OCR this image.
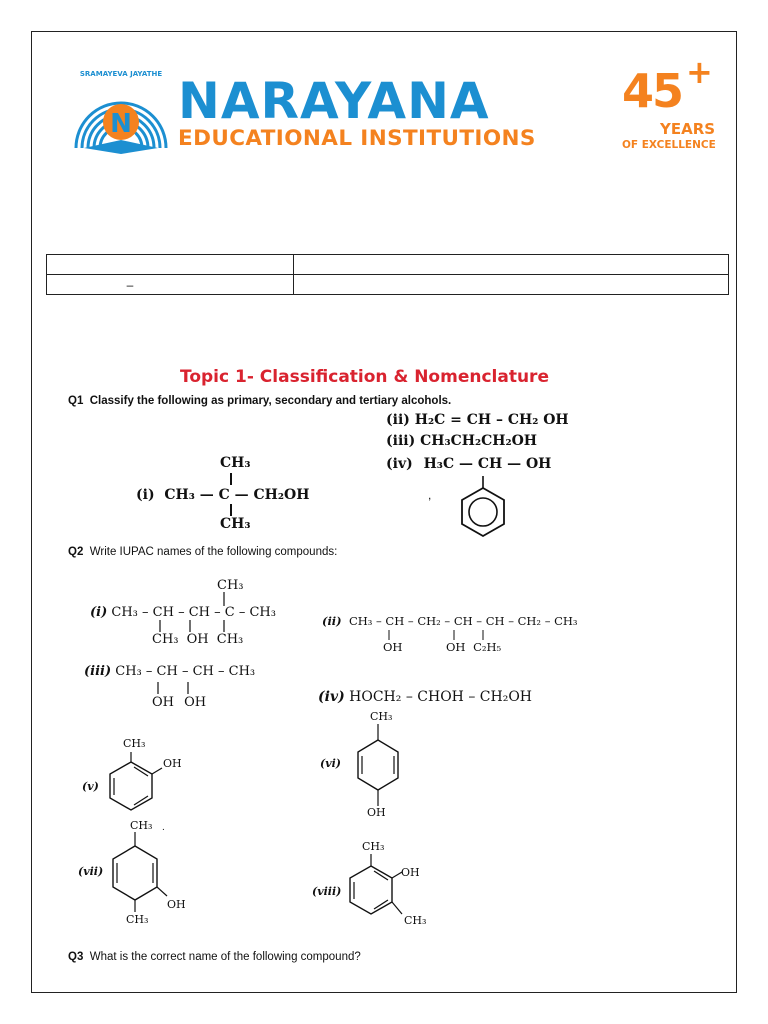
N
SRAMAYEVA JAYATHE NARAYANA
EDUCATIONAL INSTITUTIONS
45 +
YEARS
OF EXCELLENCE

–	
Topic 1- Classification & Nomenclature
Q1 Classify the following as primary, secondary and tertiary alcohols.
(ii) H₂C = CH – CH₂ OH
(iii) CH₃CH₂CH₂OH
(iv) H₃C — CH — OH
,
CH₃
(i) CH₃ — C — CH₂OH
CH₃
Q2 Write IUPAC names of the following compounds:
CH₃
(i) CH₃ – CH – CH – C – CH₃
CH₃ OH CH₃
(ii) CH₃ – CH – CH₂ – CH – CH – CH₂ – CH₃
OH	OH C₂H₅
(iii) CH₃ – CH – CH – CH₃
OH OH	(iv) HOCH₂ – CHOH – CH₂OH
CH₃
OH
(v)
CH₃
(vi)
OH
CH₃ .
(vii)
OH
CH₃
CH₃
OH
(viii)
CH₃
Q3 What is the correct name of the following compound?
